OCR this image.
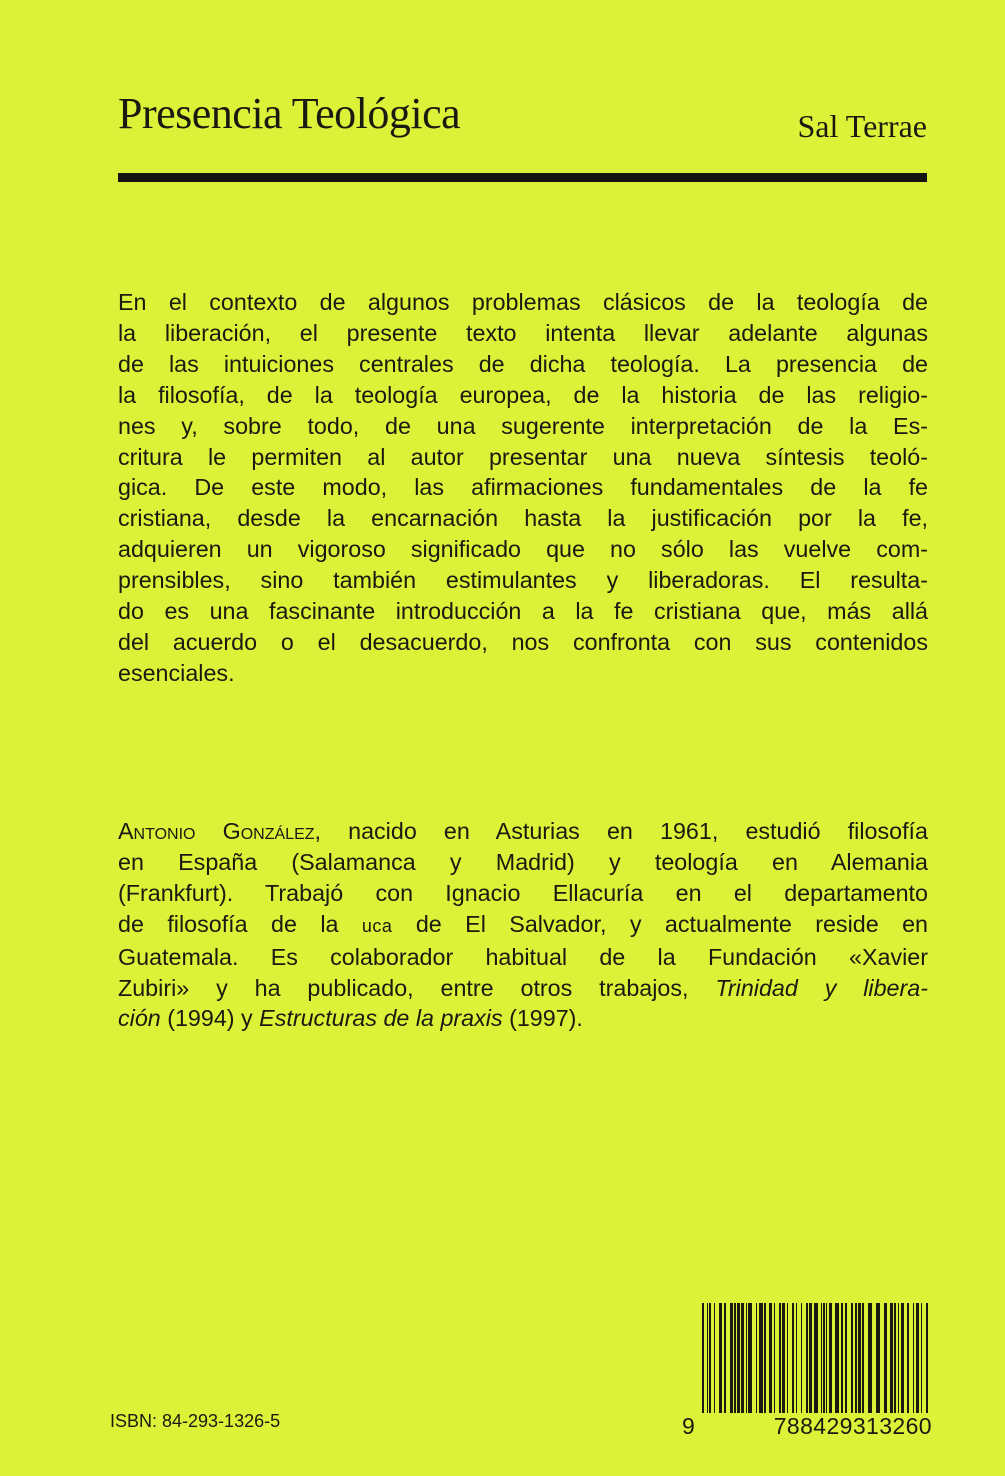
Presencia Teológica	Sal Terrae
En el contexto de algunos problemas clásicos de la teología de
la liberación, el presente texto intenta llevar adelante algunas
de las intuiciones centrales de dicha teología. La presencia de
la filosofía, de la teología europea, de la historia de las religio-
nes y, sobre todo, de una sugerente interpretación de la Es-
critura le permiten al autor presentar una nueva síntesis teoló-
gica. De este modo, las afirmaciones fundamentales de la fe
cristiana, desde la encarnación hasta la justificación por la fe,
adquieren un vigoroso significado que no sólo las vuelve com-
prensibles, sino también estimulantes y liberadoras. El resulta-
do es una fascinante introducción a la fe cristiana que, más allá
del acuerdo o el desacuerdo, nos confronta con sus contenidos
esenciales.
Antonio González, nacido en Asturias en 1961, estudió filosofía
en España (Salamanca y Madrid) y teología en Alemania
(Frankfurt). Trabajó con Ignacio Ellacuría en el departamento
de filosofía de la uca de El Salvador, y actualmente reside en
Guatemala. Es colaborador habitual de la Fundación «Xavier
Zubiri» y ha publicado, entre otros trabajos, Trinidad y libera-
ción (1994) y Estructuras de la praxis (1997).
ISBN: 84-293-1326-5	9	788429313260
